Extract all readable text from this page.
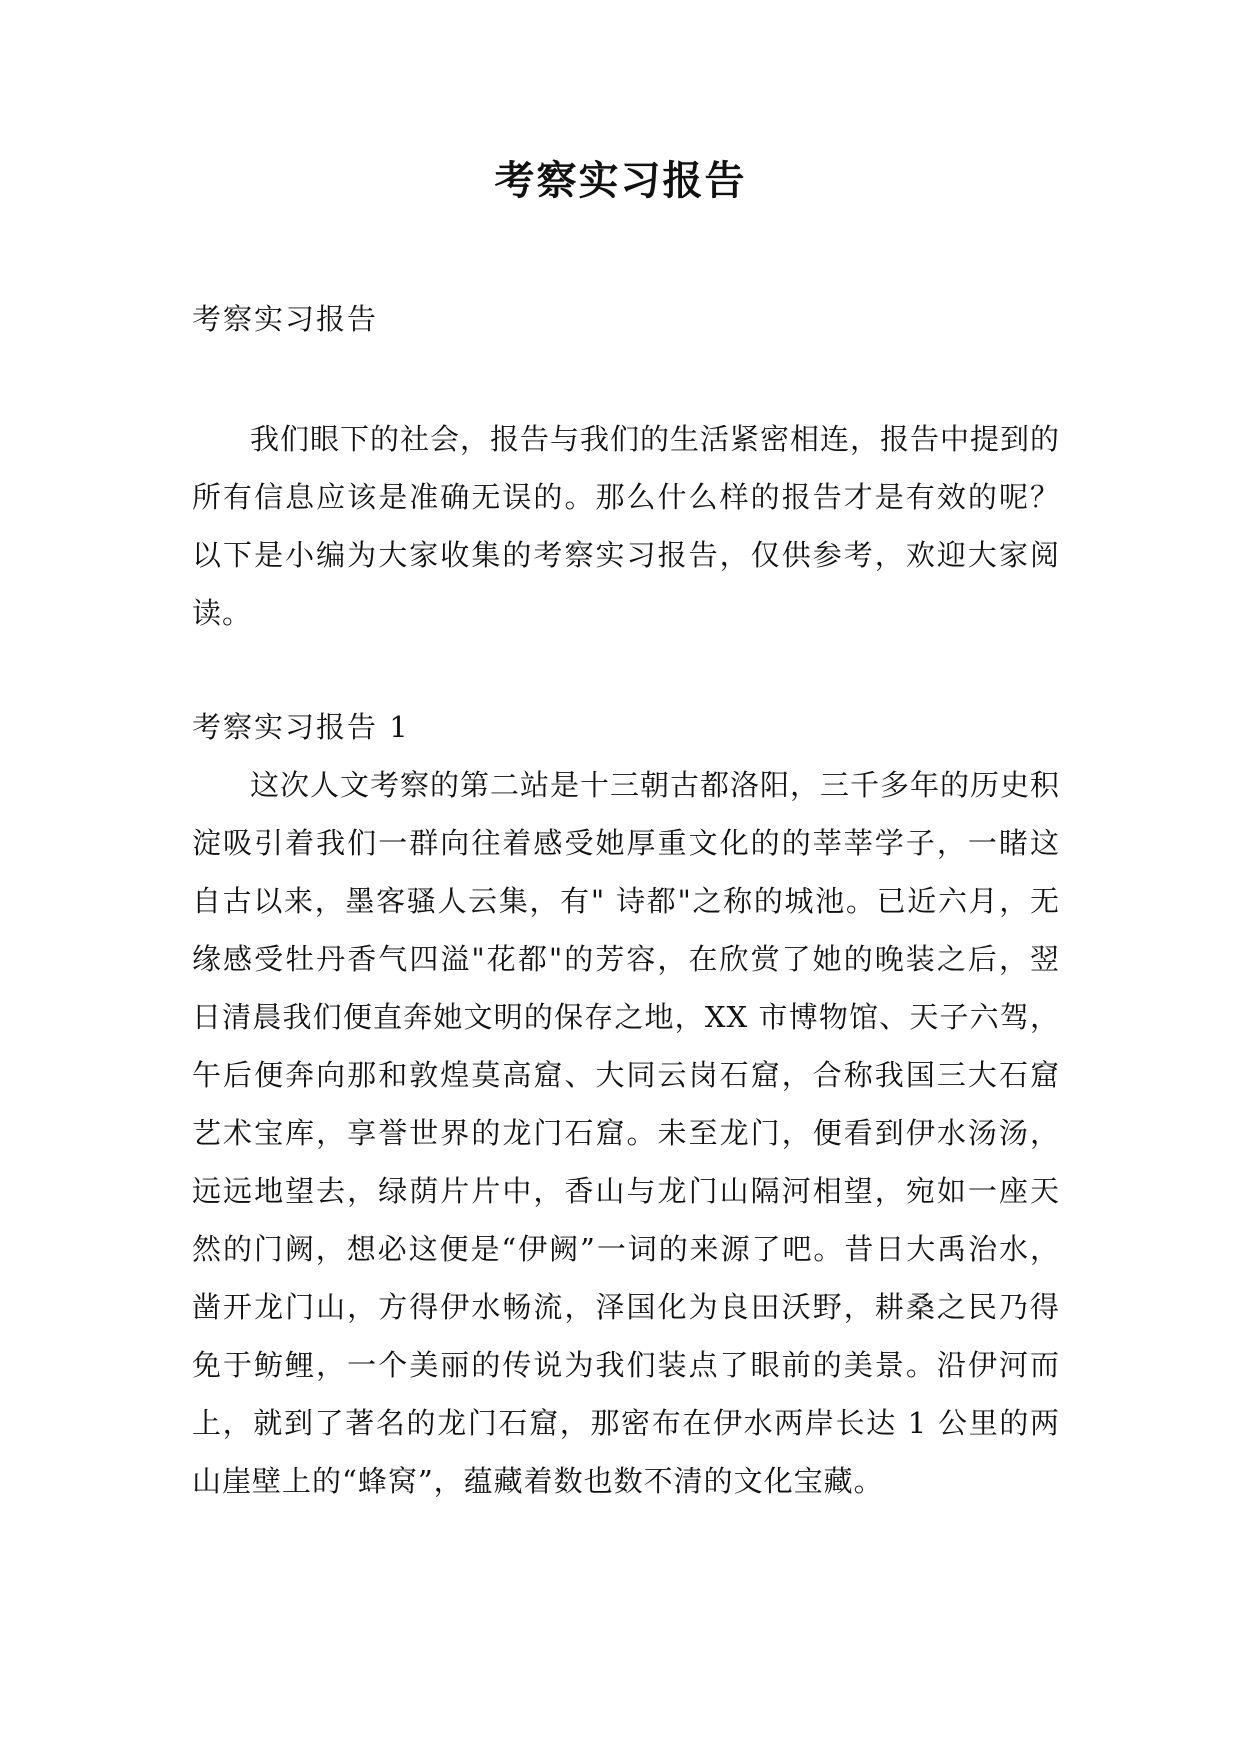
考察实习报告

考察实习报告

我们眼下的社会，报告与我们的生活紧密相连，报告中提到的所有信息应该是准确无误的。那么什么样的报告才是有效的呢？以下是小编为大家收集的考察实习报告，仅供参考，欢迎大家阅读。

考察实习报告 1

这次人文考察的第二站是十三朝古都洛阳，三千多年的历史积淀吸引着我们一群向往着感受她厚重文化的的莘莘学子，一睹这自古以来，墨客骚人云集，有" 诗都"之称的城池。已近六月，无缘感受牡丹香气四溢"花都"的芳容，在欣赏了她的晚装之后，翌日清晨我们便直奔她文明的保存之地，XX 市博物馆、天子六驾，午后便奔向那和敦煌莫高窟、大同云岗石窟，合称我国三大石窟艺术宝库，享誉世界的龙门石窟。未至龙门，便看到伊水汤汤，远远地望去，绿荫片片中，香山与龙门山隔河相望，宛如一座天然的门阙，想必这便是“伊阙”一词的来源了吧。昔日大禹治水，凿开龙门山，方得伊水畅流，泽国化为良田沃野，耕桑之民乃得免于鲂鲤，一个美丽的传说为我们装点了眼前的美景。沿伊河而上，就到了著名的龙门石窟，那密布在伊水两岸长达 1 公里的两山崖壁上的“蜂窝”，蕴藏着数也数不清的文化宝藏。
